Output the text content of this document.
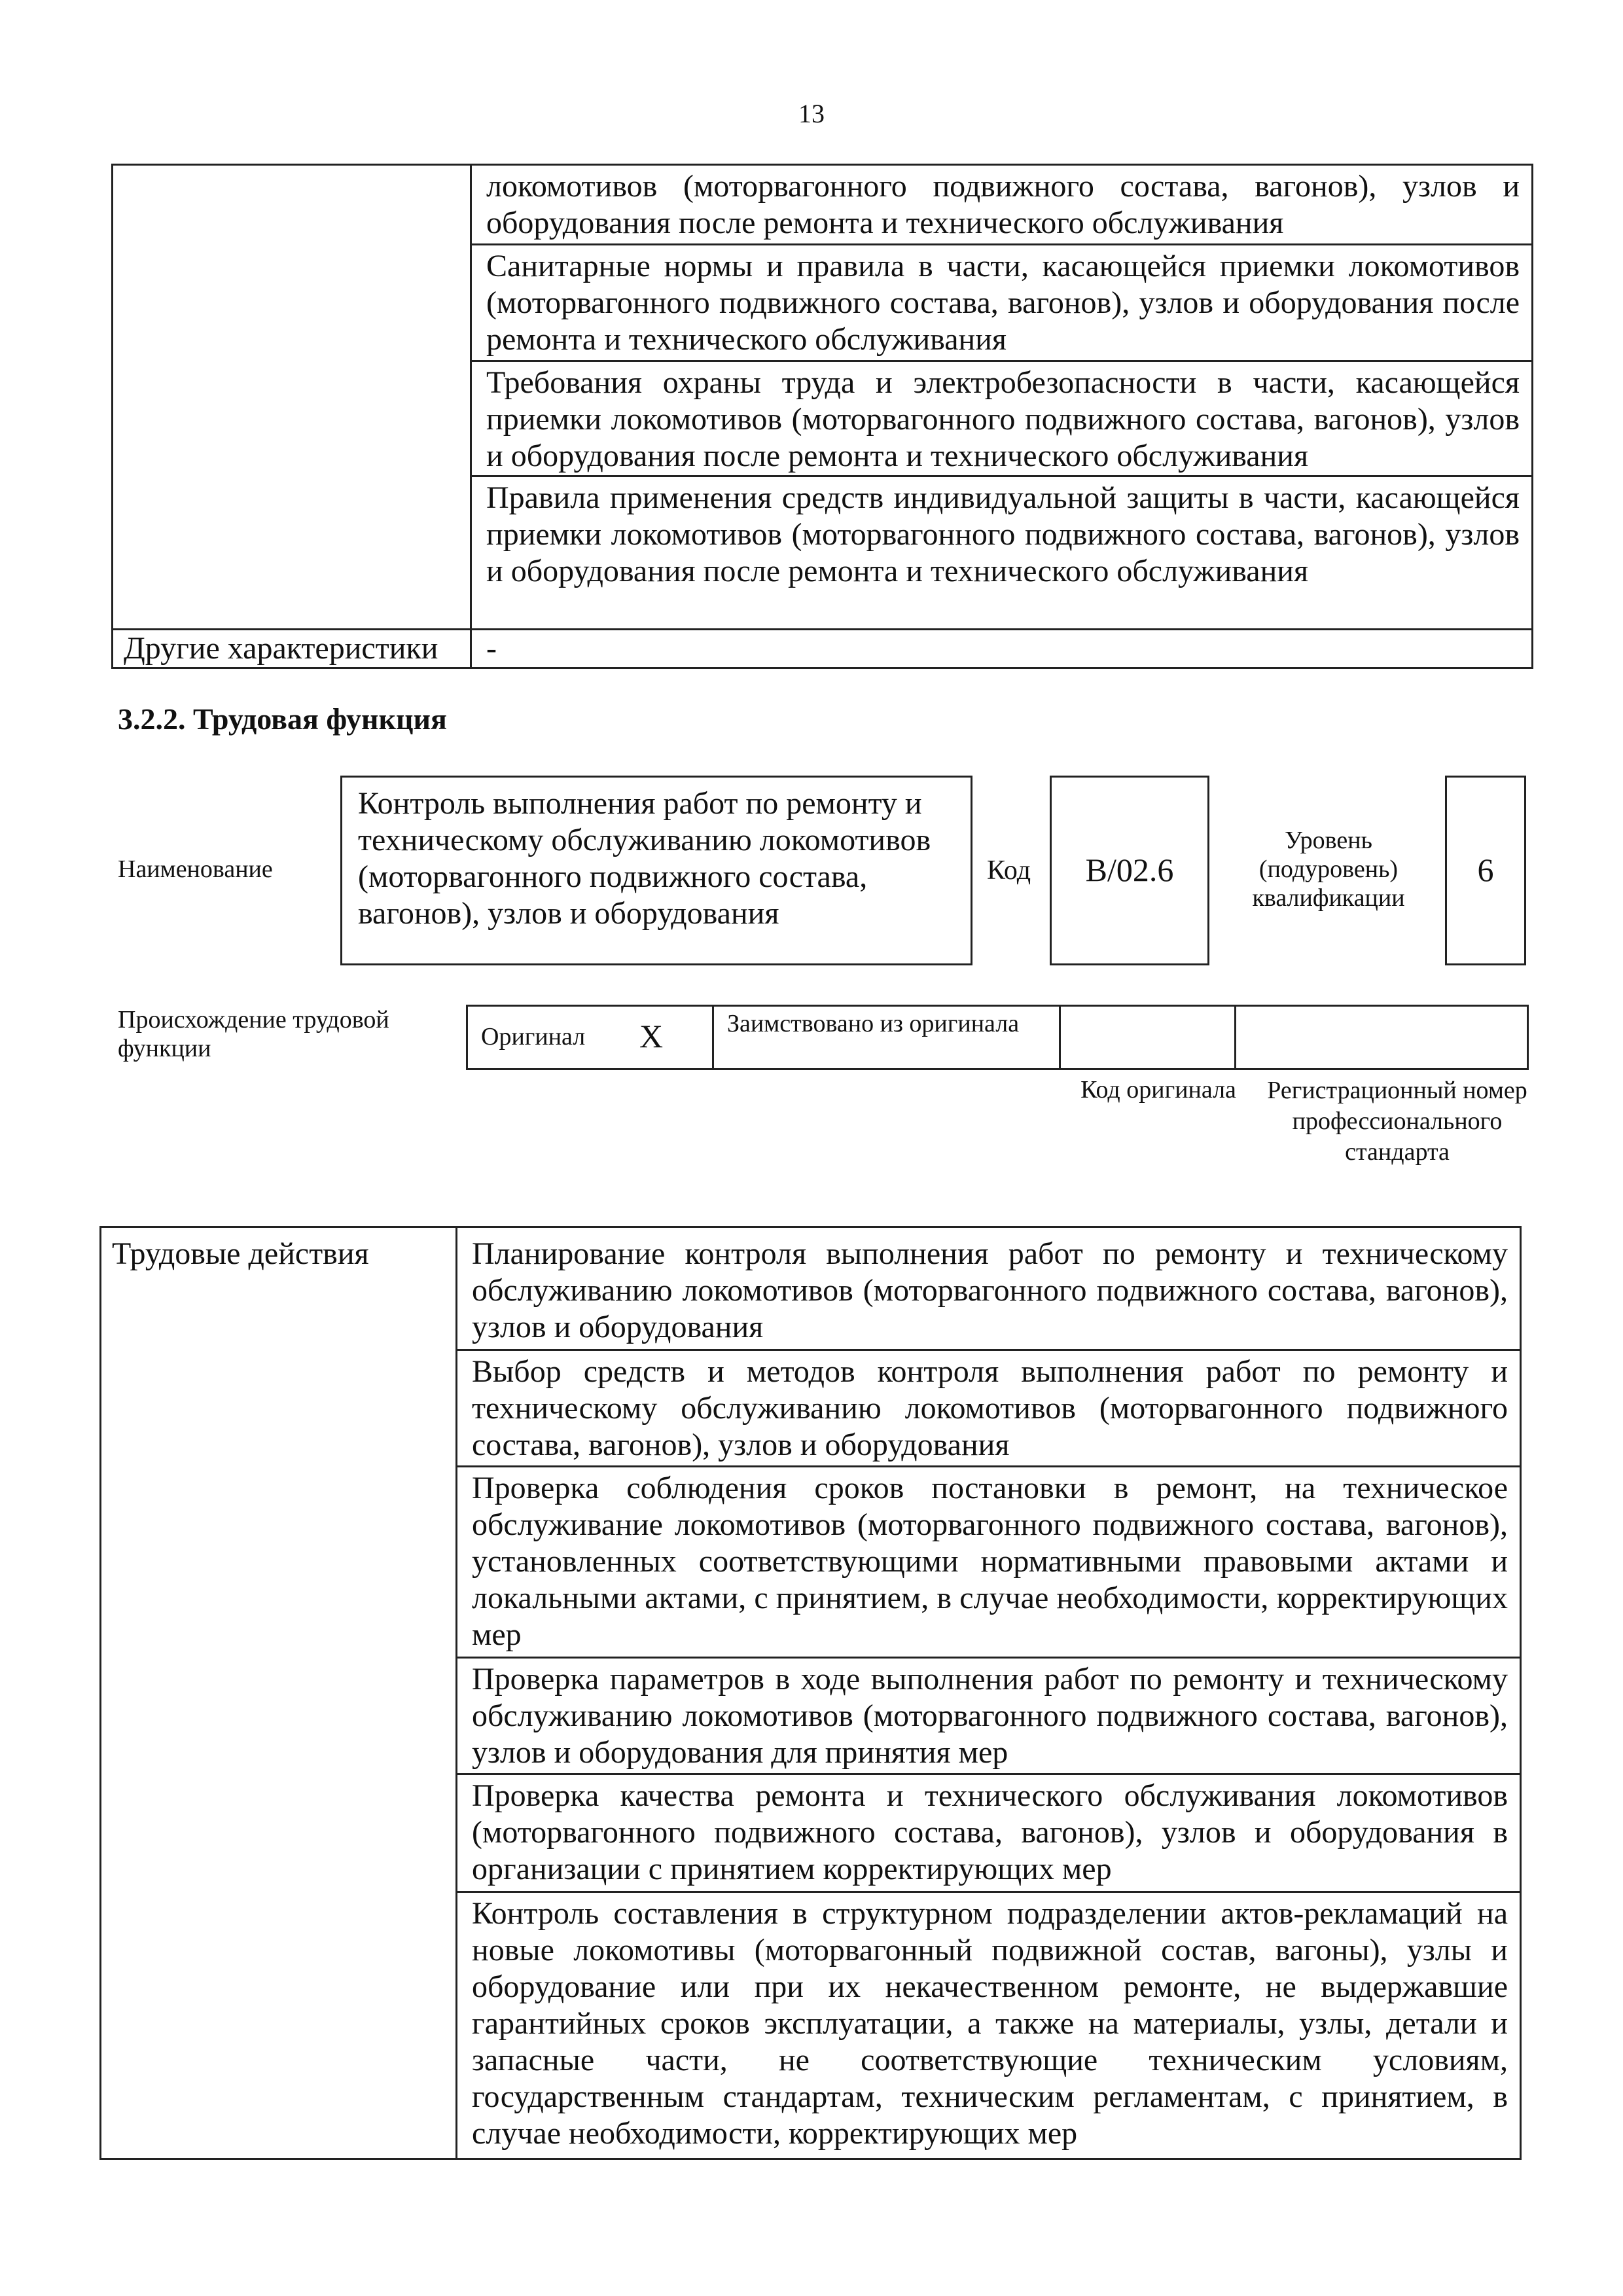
13

	локомотивов (моторвагонного подвижного состава, вагонов), узлов и оборудования после ремонта и технического обслуживания

	Санитарные нормы и правила в части, касающейся приемки локомотивов (моторвагонного подвижного состава, вагонов), узлов и оборудования после ремонта и технического обслуживания

	Требования охраны труда и электробезопасности в части, касающейся приемки локомотивов (моторвагонного подвижного состава, вагонов), узлов и оборудования после ремонта и технического обслуживания

	Правила применения средств индивидуальной защиты в части, касающейся приемки локомотивов (моторвагонного подвижного состава, вагонов), узлов и оборудования после ремонта и технического обслуживания

Другие характеристики	-
3.2.2. Трудовая функция
Наименование
Контроль выполнения работ по ремонту и техническому обслуживанию локомотивов (моторвагонного подвижного состава, вагонов), узлов и оборудования
Код	B/02.6
Уровень (подуровень) квалификации
6
Происхождение трудовой функции	Оригинал X	Заимствовано из оригинала
Код оригинала	Регистрационный номер профессионального стандарта
Трудовые действия	Планирование контроля выполнения работ по ремонту и техническому обслуживанию локомотивов (моторвагонного подвижного состава, вагонов), узлов и оборудования

Выбор средств и методов контроля выполнения работ по ремонту и техническому обслуживанию локомотивов (моторвагонного подвижного состава, вагонов), узлов и оборудования

Проверка соблюдения сроков постановки в ремонт, на техническое обслуживание локомотивов (моторвагонного подвижного состава, вагонов), установленных соответствующими нормативными правовыми актами и локальными актами, с принятием, в случае необходимости, корректирующих мер

Проверка параметров в ходе выполнения работ по ремонту и техническому обслуживанию локомотивов (моторвагонного подвижного состава, вагонов), узлов и оборудования для принятия мер

Проверка качества ремонта и технического обслуживания локомотивов (моторвагонного подвижного состава, вагонов), узлов и оборудования в организации с принятием корректирующих мер

Контроль составления в структурном подразделении актов-рекламаций на новые локомотивы (моторвагонный подвижной состав, вагоны), узлы и оборудование или при их некачественном ремонте, не выдержавшие гарантийных сроков эксплуатации, а также на материалы, узлы, детали и запасные части, не соответствующие техническим условиям, государственным стандартам, техническим регламентам, с принятием, в случае необходимости, корректирующих мер
